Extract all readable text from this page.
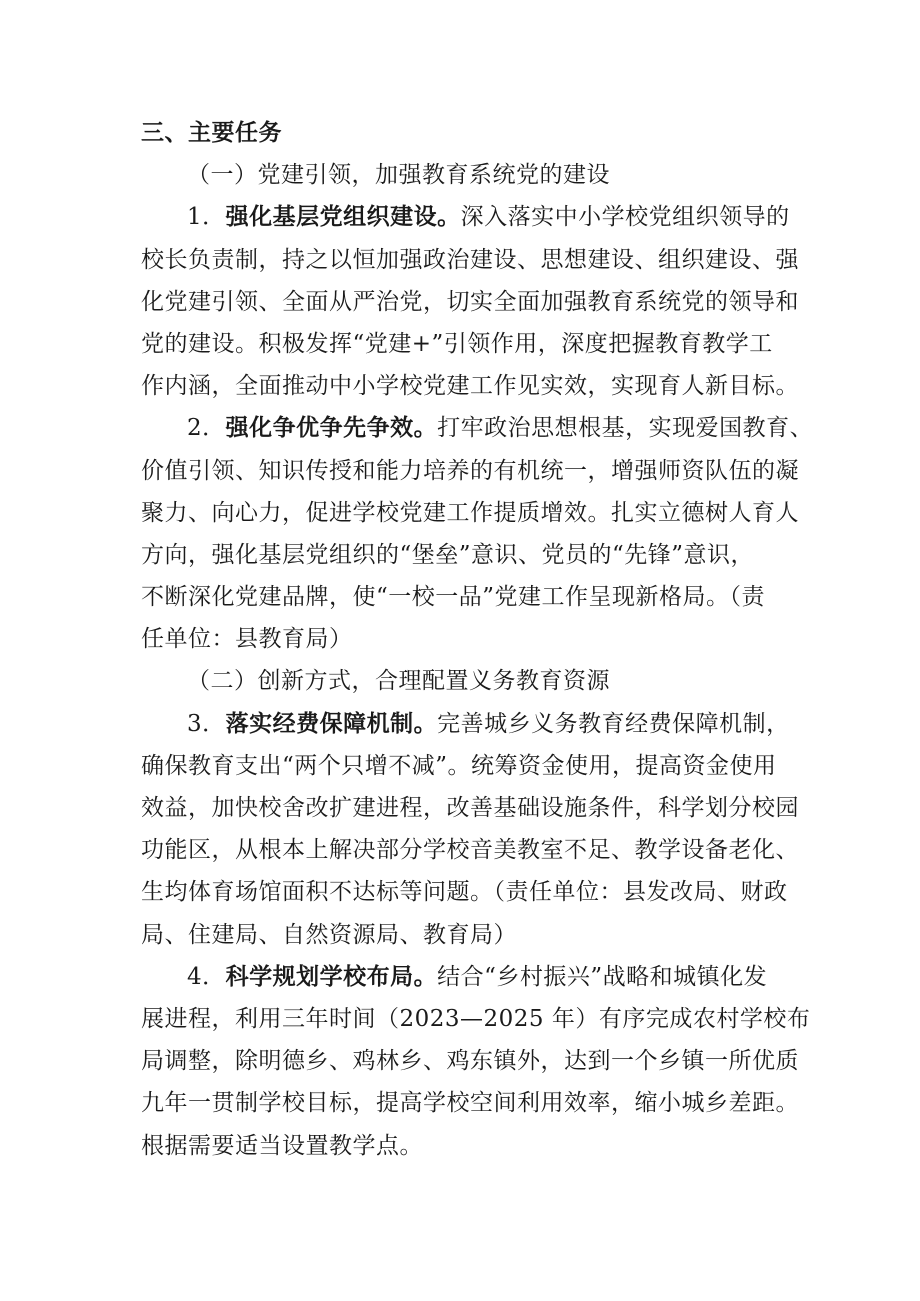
三、主要任务
（一）党建引领，加强教育系统党的建设
1．强化基层党组织建设。深入落实中小学校党组织领导的
校长负责制，持之以恒加强政治建设、思想建设、组织建设、强
化党建引领、全面从严治党，切实全面加强教育系统党的领导和
党的建设。积极发挥“党建+”引领作用，深度把握教育教学工
作内涵，全面推动中小学校党建工作见实效，实现育人新目标。
2．强化争优争先争效。打牢政治思想根基，实现爱国教育、
价值引领、知识传授和能力培养的有机统一，增强师资队伍的凝
聚力、向心力，促进学校党建工作提质增效。扎实立德树人育人
方向，强化基层党组织的“堡垒”意识、党员的“先锋”意识，
不断深化党建品牌，使“一校一品”党建工作呈现新格局。（责
任单位：县教育局）
（二）创新方式，合理配置义务教育资源
3．落实经费保障机制。完善城乡义务教育经费保障机制，
确保教育支出“两个只增不减”。统筹资金使用，提高资金使用
效益，加快校舍改扩建进程，改善基础设施条件，科学划分校园
功能区，从根本上解决部分学校音美教室不足、教学设备老化、
生均体育场馆面积不达标等问题。（责任单位：县发改局、财政
局、住建局、自然资源局、教育局）
4．科学规划学校布局。结合“乡村振兴”战略和城镇化发
展进程，利用三年时间（2023—2025 年）有序完成农村学校布
局调整，除明德乡、鸡林乡、鸡东镇外，达到一个乡镇一所优质
九年一贯制学校目标，提高学校空间利用效率，缩小城乡差距。
根据需要适当设置教学点。
